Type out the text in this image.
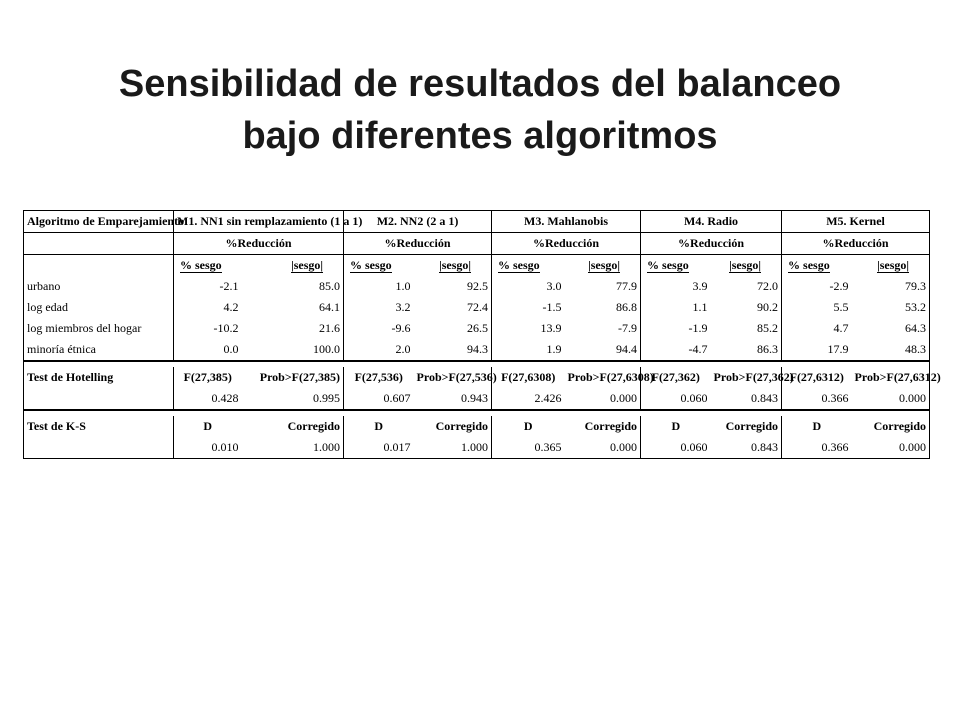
Sensibilidad de resultados del balanceo
bajo diferentes algoritmos
Algoritmo de Emparejamiento	M1. NN1 sin remplazamiento (1 a 1)		M2. NN2 (2 a 1)		M3. Mahlanobis		M4. Radio		M5. Kernel	
	%Reducción		%Reducción		%Reducción		%Reducción		%Reducción	
	% sesgo	|sesgo|	% sesgo	|sesgo|	% sesgo	|sesgo|	% sesgo	|sesgo|	% sesgo	|sesgo|
urbano	-2.1	85.0	1.0	92.5	3.0	77.9	3.9	72.0	-2.9	79.3
log edad	4.2	64.1	3.2	72.4	-1.5	86.8	1.1	90.2	5.5	53.2
log miembros del hogar	-10.2	21.6	-9.6	26.5	13.9	-7.9	-1.9	85.2	4.7	64.3
minoría étnica	0.0	100.0	2.0	94.3	1.9	94.4	-4.7	86.3	17.9	48.3

Test de Hotelling	F(27,385)	Prob>F(27,385)	F(27,536)	Prob>F(27,536)	F(27,6308)	Prob>F(27,6308)	F(27,362)	Prob>F(27,362)	F(27,6312)	Prob>F(27,6312)
	0.428	0.995	0.607	0.943	2.426	0.000	0.060	0.843	0.366	0.000

Test de K-S	D	Corregido	D	Corregido	D	Corregido	D	Corregido	D	Corregido
	0.010	1.000	0.017	1.000	0.365	0.000	0.060	0.843	0.366	0.000
